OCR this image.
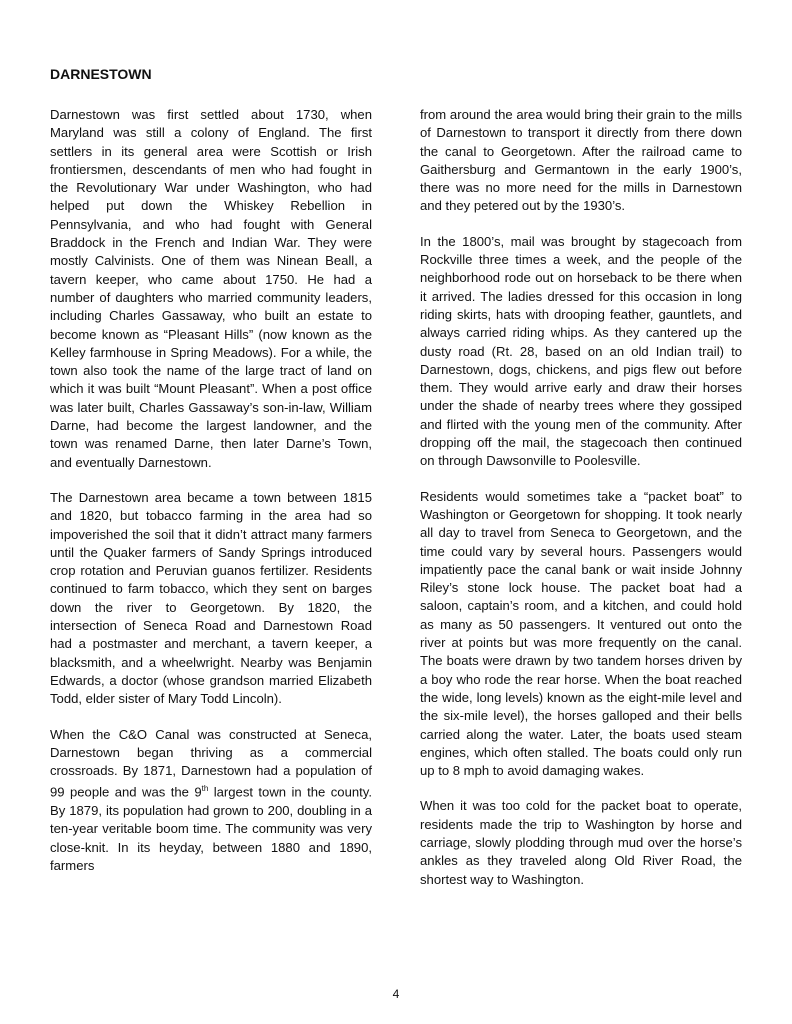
DARNESTOWN

Darnestown was first settled about 1730, when Maryland was still a colony of England. The first settlers in its general area were Scottish or Irish frontiersmen, descendants of men who had fought in the Revolutionary War under Washington, who had helped put down the Whiskey Rebellion in Pennsylvania, and who had fought with General Braddock in the French and Indian War. They were mostly Calvinists. One of them was Ninean Beall, a tavern keeper, who came about 1750. He had a number of daughters who married community leaders, including Charles Gassaway, who built an estate to become known as “Pleasant Hills” (now known as the Kelley farmhouse in Spring Meadows). For a while, the town also took the name of the large tract of land on which it was built “Mount Pleasant”. When a post office was later built, Charles Gassaway’s son-in-law, William Darne, had become the largest landowner, and the town was renamed Darne, then later Darne’s Town, and eventually Darnestown.

The Darnestown area became a town between 1815 and 1820, but tobacco farming in the area had so impoverished the soil that it didn’t attract many farmers until the Quaker farmers of Sandy Springs introduced crop rotation and Peruvian guanos fertilizer. Residents continued to farm tobacco, which they sent on barges down the river to Georgetown. By 1820, the intersection of Seneca Road and Darnestown Road had a postmaster and merchant, a tavern keeper, a blacksmith, and a wheelwright. Nearby was Benjamin Edwards, a doctor (whose grandson married Elizabeth Todd, elder sister of Mary Todd Lincoln).

When the C&O Canal was constructed at Seneca, Darnestown began thriving as a commercial crossroads. By 1871, Darnestown had a population of 99 people and was the 9th largest town in the county. By 1879, its population had grown to 200, doubling in a ten-year veritable boom time. The community was very close-knit. In its heyday, between 1880 and 1890, farmers

from around the area would bring their grain to the mills of Darnestown to transport it directly from there down the canal to Georgetown. After the railroad came to Gaithersburg and Germantown in the early 1900’s, there was no more need for the mills in Darnestown and they petered out by the 1930’s.

In the 1800’s, mail was brought by stagecoach from Rockville three times a week, and the people of the neighborhood rode out on horseback to be there when it arrived. The ladies dressed for this occasion in long riding skirts, hats with drooping feather, gauntlets, and always carried riding whips. As they cantered up the dusty road (Rt. 28, based on an old Indian trail) to Darnestown, dogs, chickens, and pigs flew out before them. They would arrive early and draw their horses under the shade of nearby trees where they gossiped and flirted with the young men of the community. After dropping off the mail, the stagecoach then continued on through Dawsonville to Poolesville.

Residents would sometimes take a “packet boat” to Washington or Georgetown for shopping. It took nearly all day to travel from Seneca to Georgetown, and the time could vary by several hours. Passengers would impatiently pace the canal bank or wait inside Johnny Riley’s stone lock house. The packet boat had a saloon, captain’s room, and a kitchen, and could hold as many as 50 passengers. It ventured out onto the river at points but was more frequently on the canal. The boats were drawn by two tandem horses driven by a boy who rode the rear horse. When the boat reached the wide, long levels) known as the eight-mile level and the six-mile level), the horses galloped and their bells carried along the water. Later, the boats used steam engines, which often stalled. The boats could only run up to 8 mph to avoid damaging wakes.

When it was too cold for the packet boat to operate, residents made the trip to Washington by horse and carriage, slowly plodding through mud over the horse’s ankles as they traveled along Old River Road, the shortest way to Washington.

4
